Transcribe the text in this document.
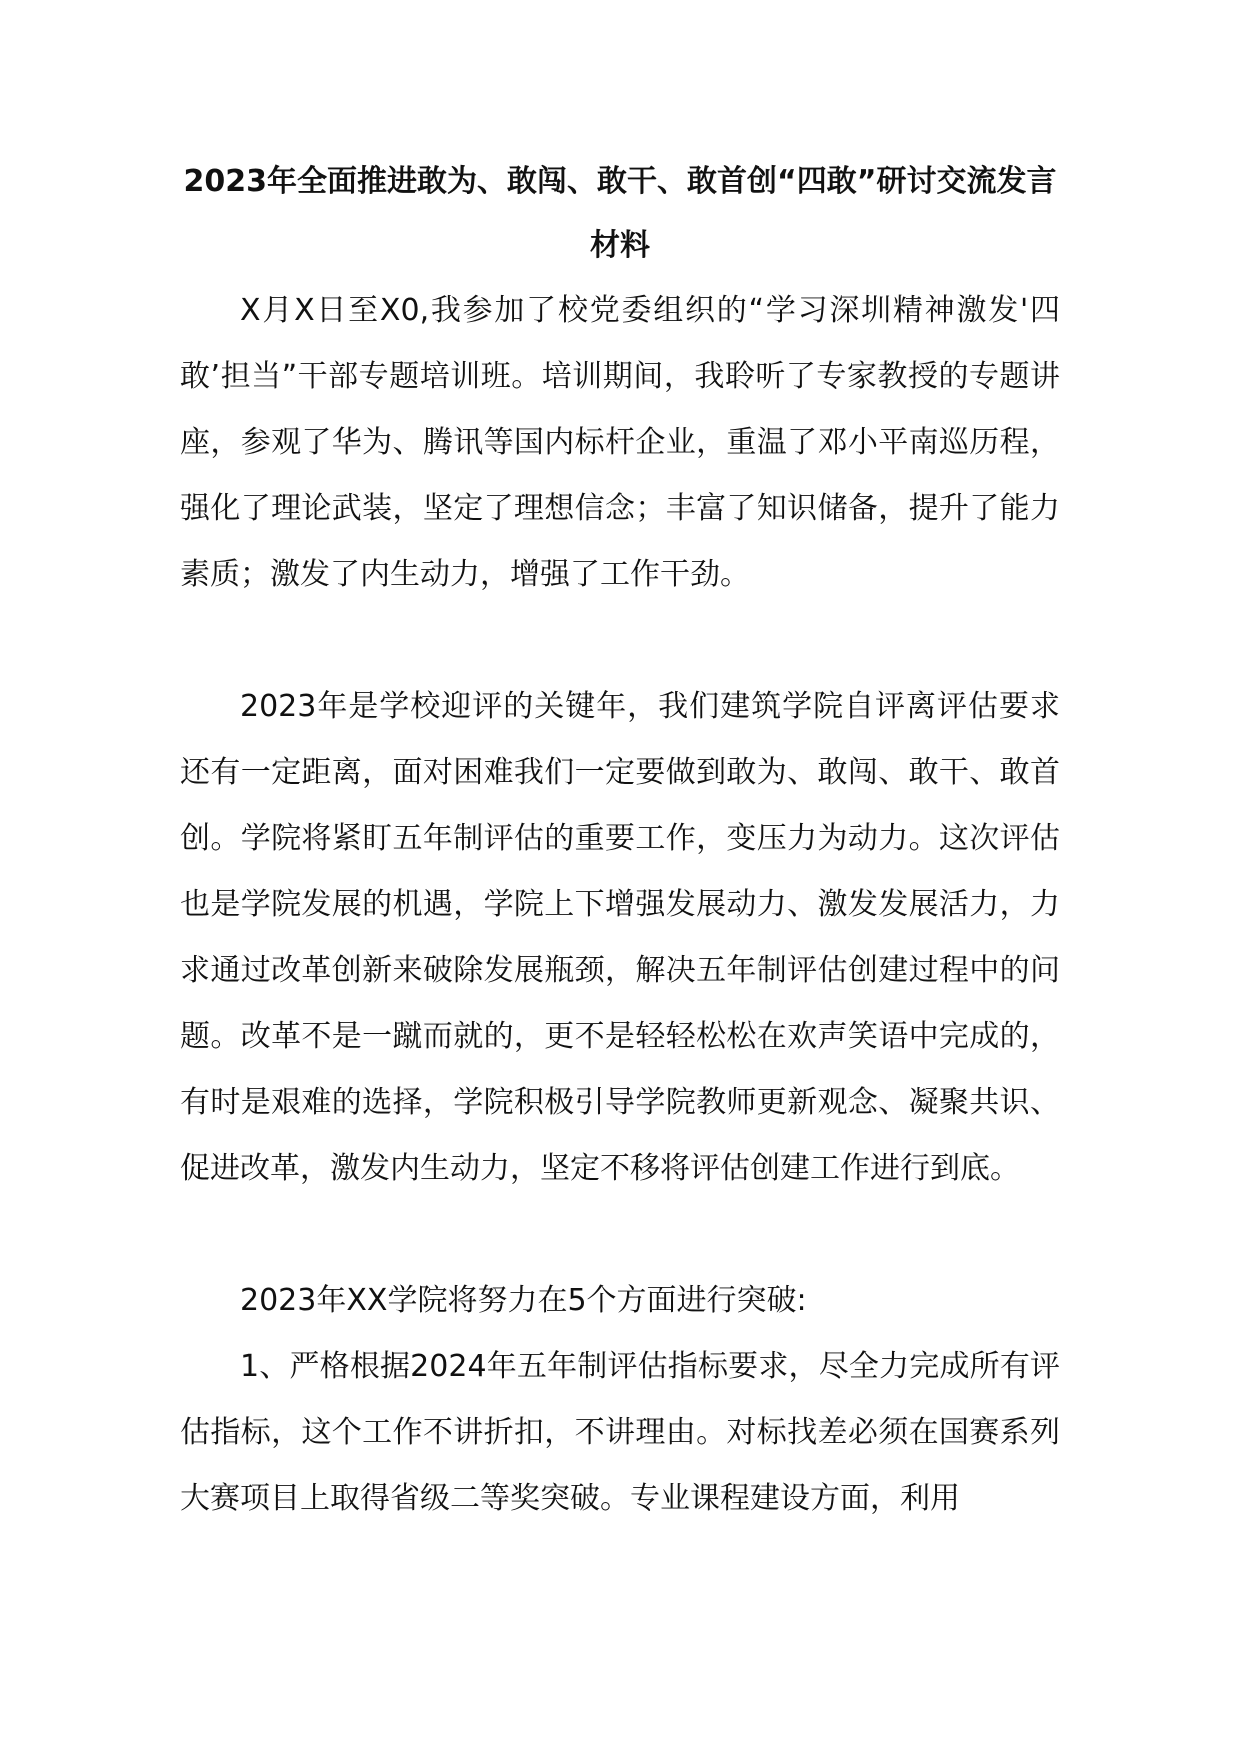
2023年全面推进敢为、敢闯、敢干、敢首创“四敢”研讨交流发言材料

X月X日至X0,我参加了校党委组织的“学习深圳精神激发'四敢’担当”干部专题培训班。培训期间，我聆听了专家教授的专题讲座，参观了华为、腾讯等国内标杆企业，重温了邓小平南巡历程，强化了理论武装，坚定了理想信念；丰富了知识储备，提升了能力素质；激发了内生动力，增强了工作干劲。

2023年是学校迎评的关键年，我们建筑学院自评离评估要求还有一定距离，面对困难我们一定要做到敢为、敢闯、敢干、敢首创。学院将紧盯五年制评估的重要工作，变压力为动力。这次评估也是学院发展的机遇，学院上下增强发展动力、激发发展活力，力求通过改革创新来破除发展瓶颈，解决五年制评估创建过程中的问题。改革不是一蹴而就的，更不是轻轻松松在欢声笑语中完成的，有时是艰难的选择，学院积极引导学院教师更新观念、凝聚共识、促进改革，激发内生动力，坚定不移将评估创建工作进行到底。

2023年XX学院将努力在5个方面进行突破:

1、严格根据2024年五年制评估指标要求，尽全力完成所有评估指标，这个工作不讲折扣，不讲理由。对标找差必须在国赛系列大赛项目上取得省级二等奖突破。专业课程建设方面，利用
